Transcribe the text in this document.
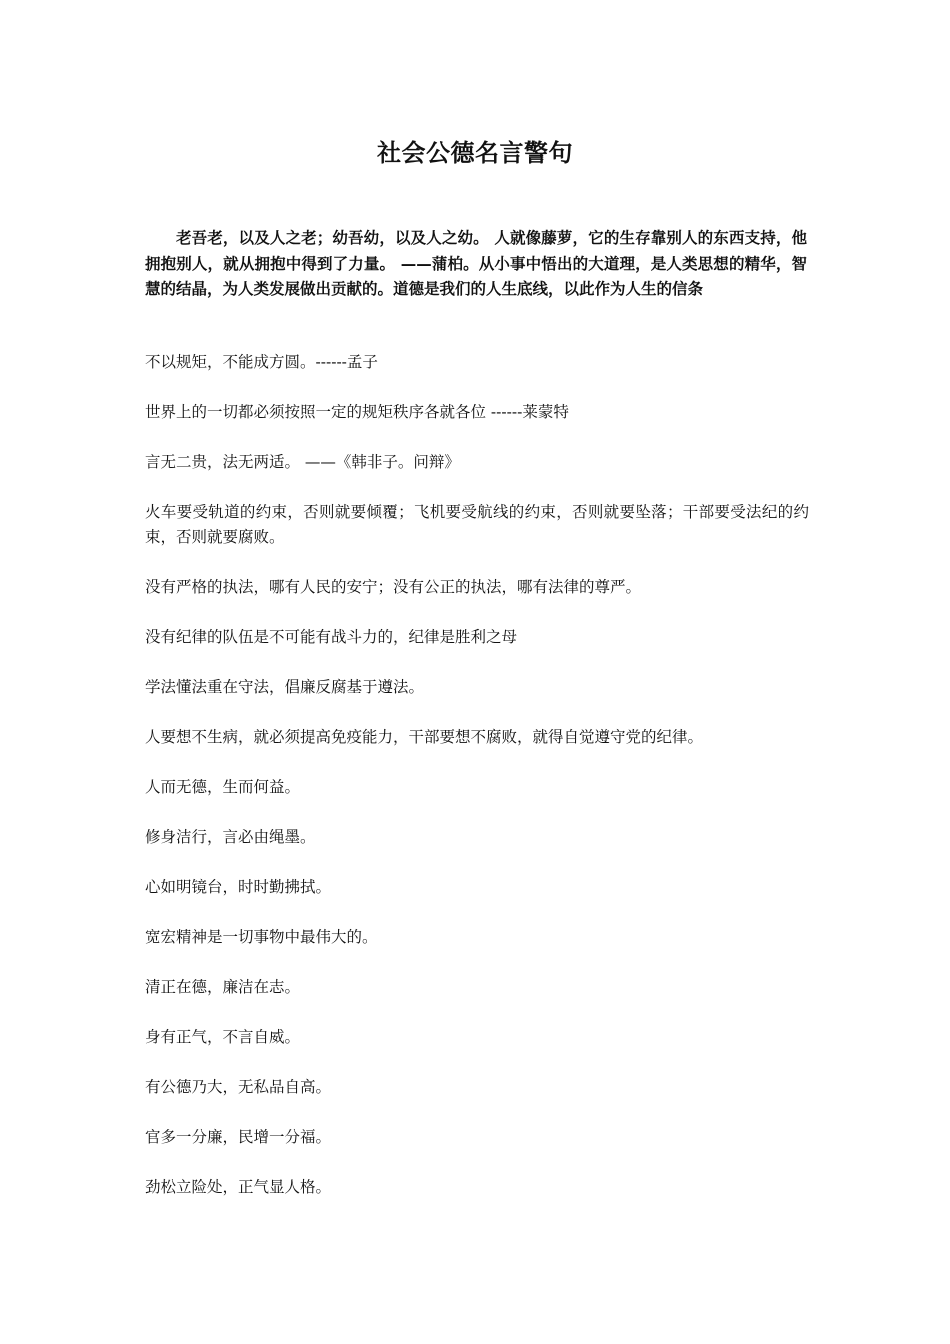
社会公德名言警句

老吾老，以及人之老；幼吾幼，以及人之幼。 人就像藤萝，它的生存靠别人的东西支持，他拥抱别人，就从拥抱中得到了力量。 ——蒲柏。从小事中悟出的大道理，是人类思想的精华，智慧的结晶，为人类发展做出贡献的。道德是我们的人生底线，以此作为人生的信条

不以规矩，不能成方圆。------孟子
世界上的一切都必须按照一定的规矩秩序各就各位 ------莱蒙特
言无二贵，法无两适。 ——《韩非子。问辩》
火车要受轨道的约束，否则就要倾覆；飞机要受航线的约束，否则就要坠落；干部要受法纪的约束，否则就要腐败。
没有严格的执法，哪有人民的安宁；没有公正的执法，哪有法律的尊严。
没有纪律的队伍是不可能有战斗力的，纪律是胜利之母
学法懂法重在守法，倡廉反腐基于遵法。
人要想不生病，就必须提高免疫能力，干部要想不腐败，就得自觉遵守党的纪律。
人而无德，生而何益。
修身洁行，言必由绳墨。
心如明镜台，时时勤拂拭。
宽宏精神是一切事物中最伟大的。
清正在德，廉洁在志。
身有正气，不言自威。
有公德乃大，无私品自高。
官多一分廉，民增一分福。
劲松立险处，正气显人格。
